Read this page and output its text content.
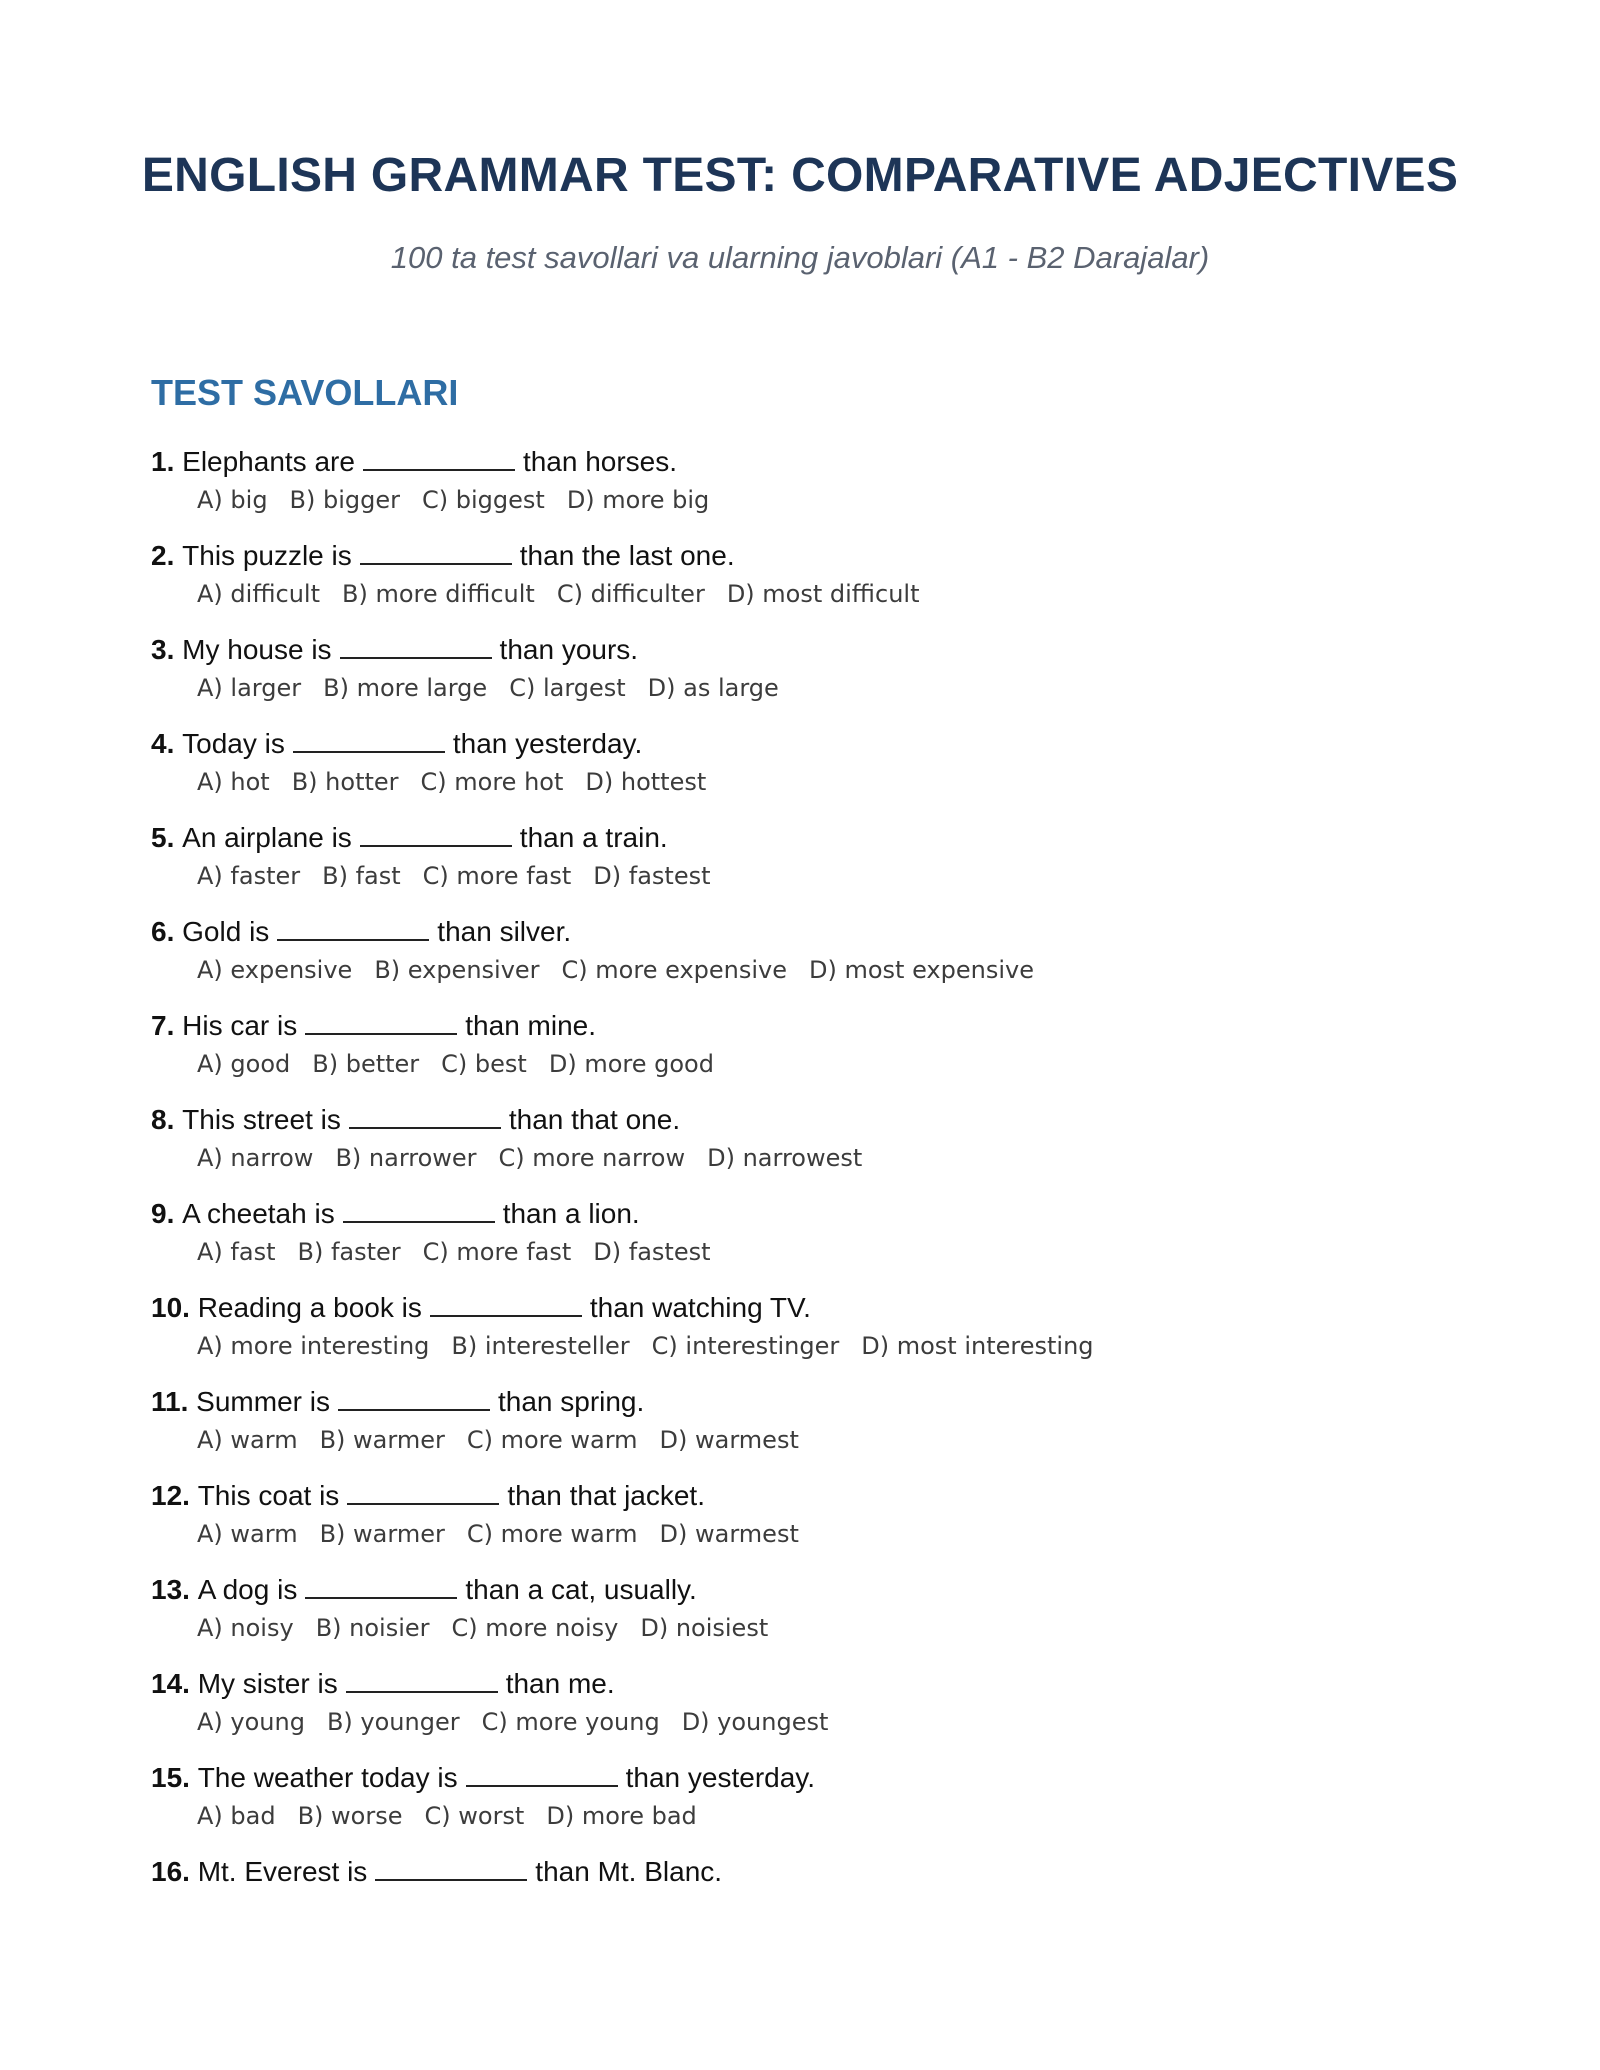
ENGLISH GRAMMAR TEST: COMPARATIVE ADJECTIVES
100 ta test savollari va ularning javoblari (A1 - B2 Darajalar)
TEST SAVOLLARI
1. Elephants are	than horses.
A) big B) bigger C) biggest D) more big
2. This puzzle is	than the last one.
A) difficult B) more difficult C) difficulter D) most difficult
3. My house is	than yours.
A) larger B) more large C) largest D) as large
4. Today is	than yesterday.
A) hot B) hotter C) more hot D) hottest
5. An airplane is	than a train.
A) faster B) fast C) more fast D) fastest
6. Gold is	than silver.
A) expensive B) expensiver C) more expensive D) most expensive
7. His car is	than mine.
A) good B) better C) best D) more good
8. This street is	than that one.
A) narrow B) narrower C) more narrow D) narrowest
9. A cheetah is	than a lion.
A) fast B) faster C) more fast D) fastest
10. Reading a book is	than watching TV.
A) more interesting B) interesteller C) interestinger D) most interesting
11. Summer is	than spring.
A) warm B) warmer C) more warm D) warmest
12. This coat is	than that jacket.
A) warm B) warmer C) more warm D) warmest
13. A dog is	than a cat, usually.
A) noisy B) noisier C) more noisy D) noisiest
14. My sister is	than me.
A) young B) younger C) more young D) youngest
15. The weather today is	than yesterday.
A) bad B) worse C) worst D) more bad
16. Mt. Everest is	than Mt. Blanc.
